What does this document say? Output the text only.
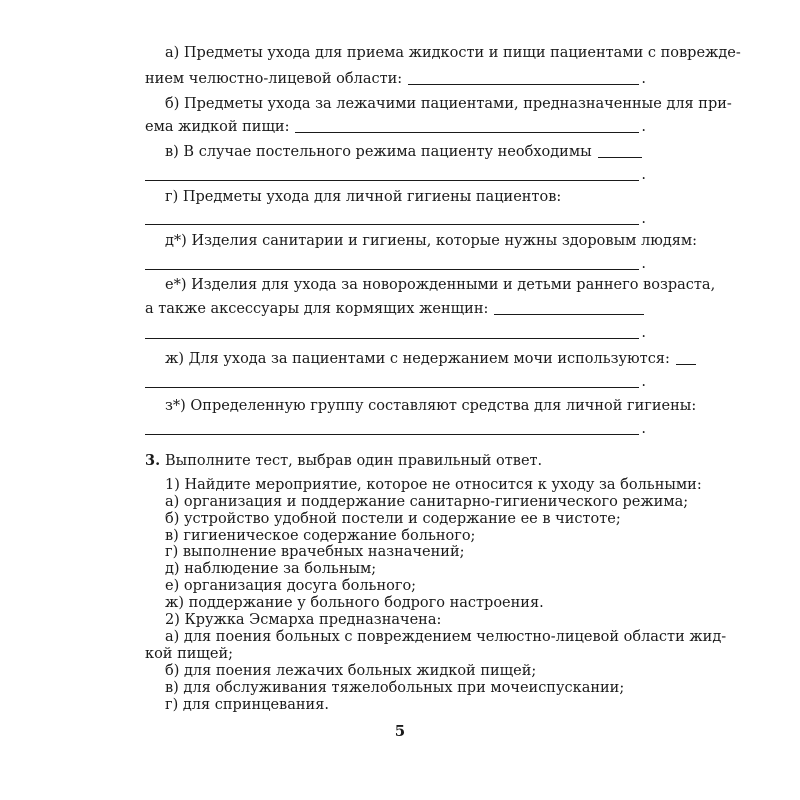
а) Предметы ухода для приема жидкости и пищи пациентами с поврежде-
нием челюстно-лицевой области:	.
б) Предметы ухода за лежачими пациентами, предназначенные для при-
ема жидкой пищи:	.
в) В случае постельного режима пациенту необходимы
.
г) Предметы ухода для личной гигиены пациентов:
.
д*) Изделия санитарии и гигиены, которые нужны здоровым людям:
.
е*) Изделия для ухода за новорожденными и детьми раннего возраста,
а также аксессуары для кормящих женщин:
.
ж) Для ухода за пациентами с недержанием мочи используются:
.
з*) Определенную группу составляют средства для личной гигиены:
.
3. Выполните тест, выбрав один правильный ответ.
1) Найдите мероприятие, которое не относится к уходу за больными:
а) организация и поддержание санитарно-гигиенического режима;
б) устройство удобной постели и содержание ее в чистоте;
в) гигиеническое содержание больного;
г) выполнение врачебных назначений;
д) наблюдение за больным;
е) организация досуга больного;
ж) поддержание у больного бодрого настроения.
2) Кружка Эсмарха предназначена:
а) для поения больных с повреждением челюстно-лицевой области жид-
кой пищей;
б) для поения лежачих больных жидкой пищей;
в) для обслуживания тяжелобольных при мочеиспускании;
г) для спринцевания.
5
